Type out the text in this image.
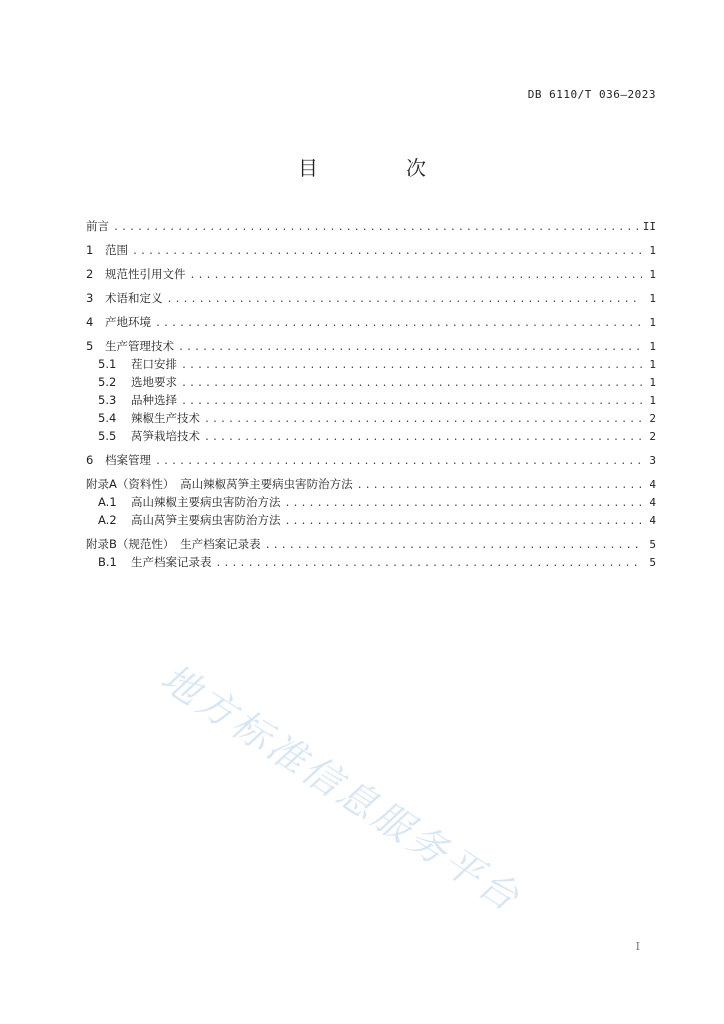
DB 6110/T 036—2023
目　次
前言 .....	II
1	范围 .....	1
2	规范性引用文件 .....	1
3	术语和定义 .....	1
4	产地环境 .....	1
5	生产管理技术 .....	1
5.1	茬口安排 .....	1
5.2	选地要求 .....	1
5.3	品种选择 .....	1
5.4	辣椒生产技术 .....	2
5.5	莴笋栽培技术 .....	2
6	档案管理 .....	3
附录A（资料性）　高山辣椒莴笋主要病虫害防治方法 .....	4
A.1	高山辣椒主要病虫害防治方法 .....	4
A.2	高山莴笋主要病虫害防治方法 .....	4
附录B（规范性）　生产档案记录表 .....	5
B.1	生产档案记录表 .....	5
地方标准信息服务平台
I
